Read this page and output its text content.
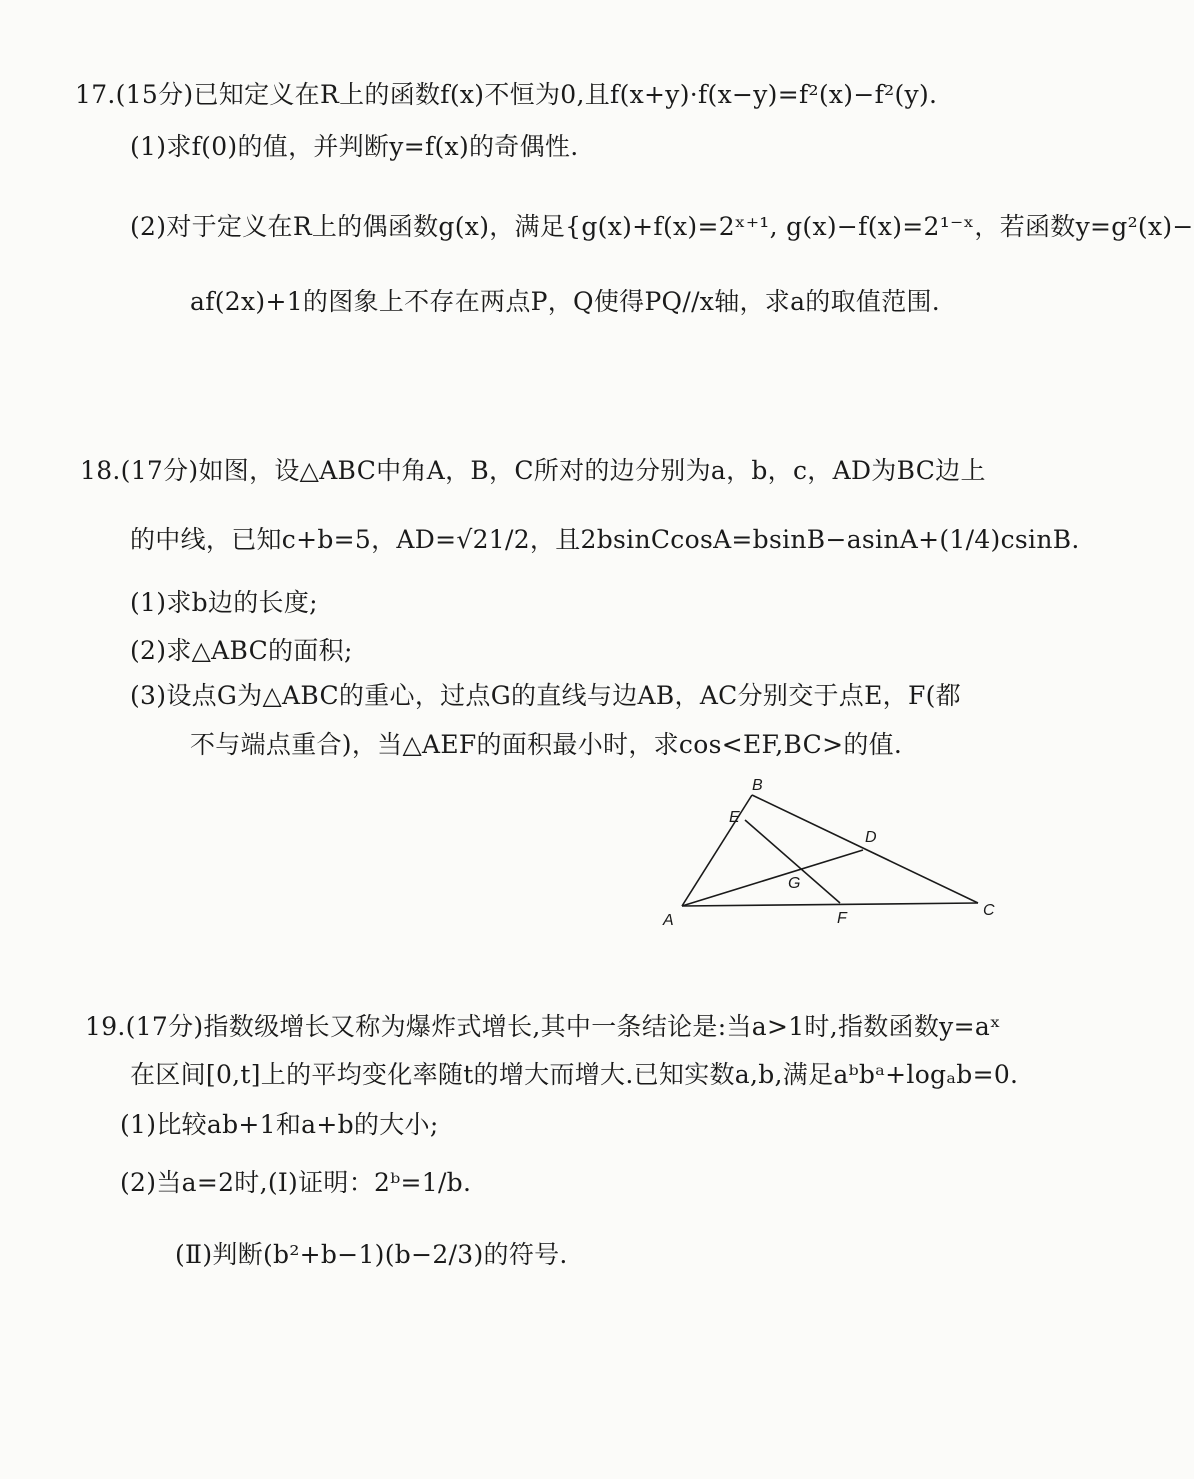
17.(15分)已知定义在R上的函数f(x)不恒为0,且f(x+y)·f(x−y)=f²(x)−f²(y).
(1)求f(0)的值，并判断y=f(x)的奇偶性.
(2)对于定义在R上的偶函数g(x)，满足{g(x)+f(x)=2ˣ⁺¹, g(x)−f(x)=2¹⁻ˣ，若函数y=g²(x)−
af(2x)+1的图象上不存在两点P，Q使得PQ//x轴，求a的取值范围.
18.(17分)如图，设△ABC中角A，B，C所对的边分别为a，b，c，AD为BC边上
的中线，已知c+b=5，AD=√21/2，且2bsinCcosA=bsinB−asinA+(1/4)csinB.
(1)求b边的长度;
(2)求△ABC的面积;
(3)设点G为△ABC的重心，过点G的直线与边AB，AC分别交于点E，F(都
不与端点重合)，当△AEF的面积最小时，求cos<EF,BC>的值.
B
E
D
G
A	F	C
19.(17分)指数级增长又称为爆炸式增长,其中一条结论是:当a>1时,指数函数y=aˣ
在区间[0,t]上的平均变化率随t的增大而增大.已知实数a,b,满足aᵇbᵃ+logₐb=0.
(1)比较ab+1和a+b的大小;
(2)当a=2时,(Ⅰ)证明：2ᵇ=1/b.
(Ⅱ)判断(b²+b−1)(b−2/3)的符号.
